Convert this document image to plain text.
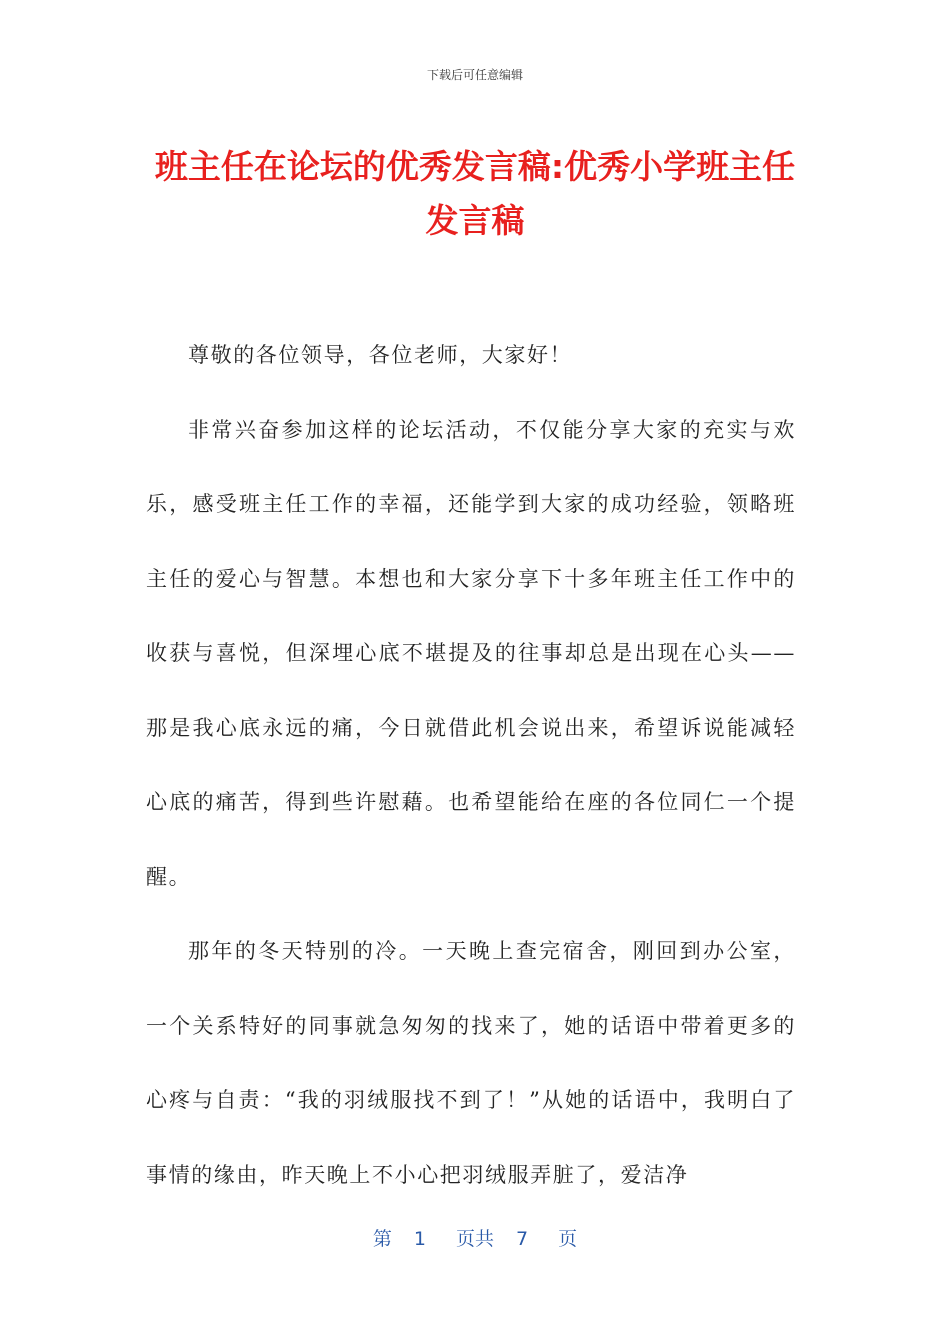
下载后可任意编辑
班主任在论坛的优秀发言稿:优秀小学班主任发言稿

尊敬的各位领导，各位老师，大家好！

非常兴奋参加这样的论坛活动，不仅能分享大家的充实与欢乐，感受班主任工作的幸福，还能学到大家的成功经验，领略班主任的爱心与智慧。本想也和大家分享下十多年班主任工作中的收获与喜悦，但深埋心底不堪提及的往事却总是出现在心头——那是我心底永远的痛，今日就借此机会说出来，希望诉说能减轻心底的痛苦，得到些许慰藉。也希望能给在座的各位同仁一个提醒。

那年的冬天特别的冷。一天晚上查完宿舍，刚回到办公室，一个关系特好的同事就急匆匆的找来了，她的话语中带着更多的心疼与自责：“我的羽绒服找不到了！”从她的话语中，我明白了事情的缘由，昨天晚上不小心把羽绒服弄脏了，爱洁净

第 1 页共 7 页
